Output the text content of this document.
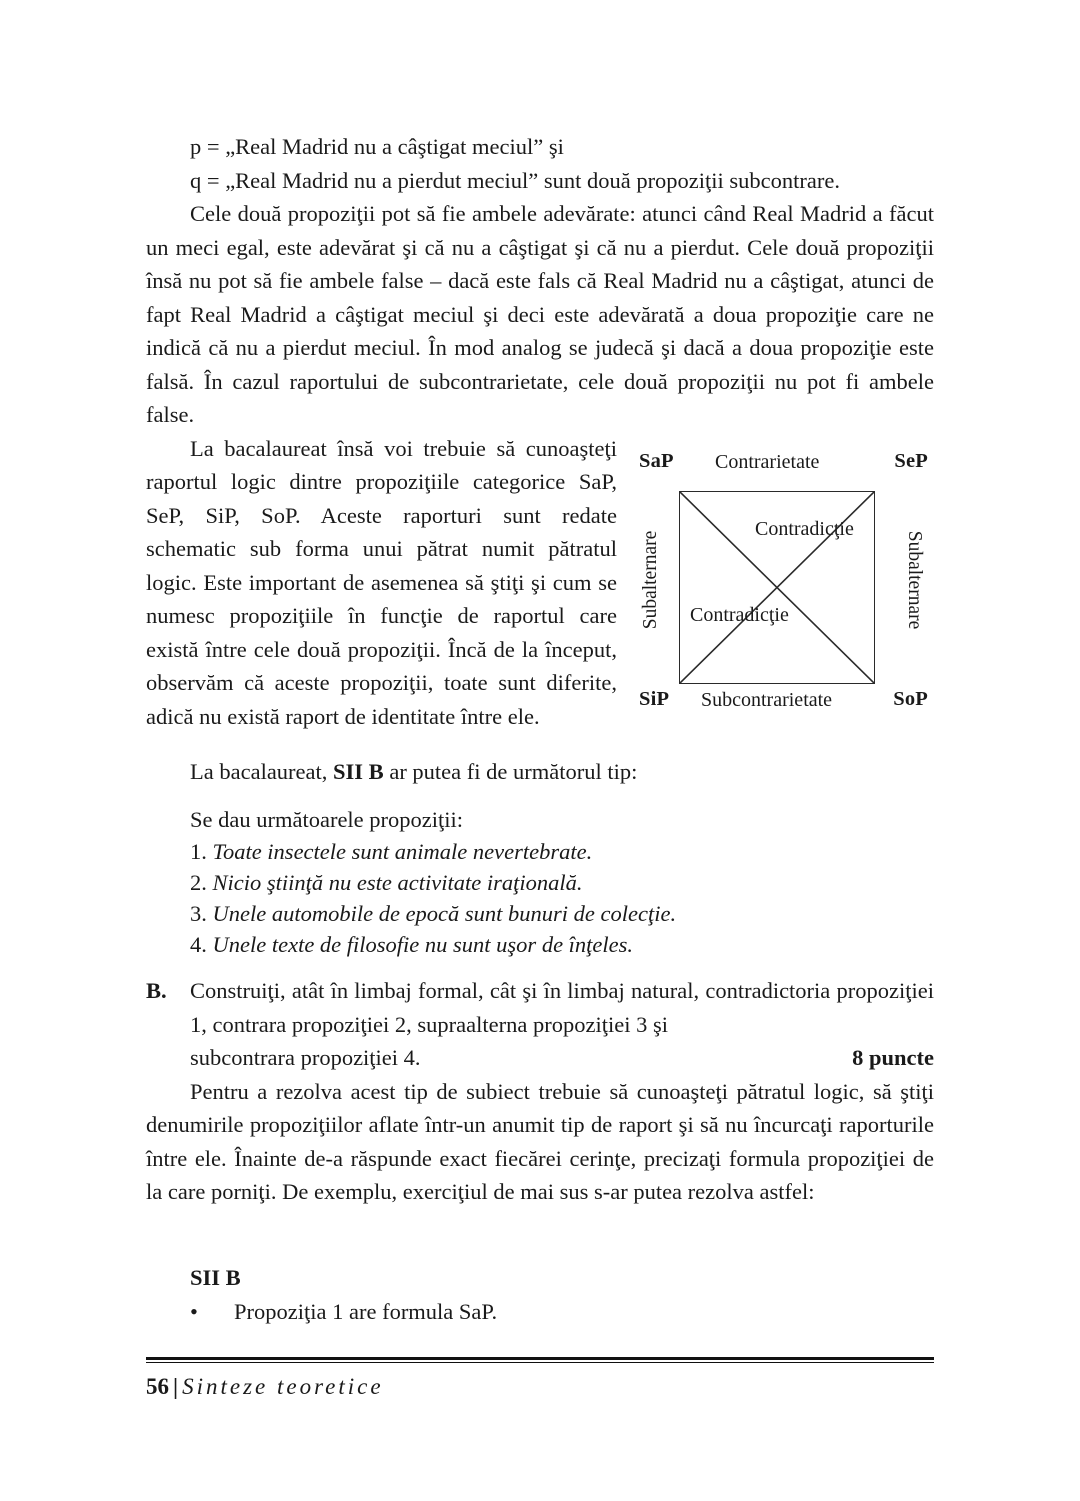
p = „Real Madrid nu a câştigat meciul” şi
q = „Real Madrid nu a pierdut meciul” sunt două propoziţii subcontrare.

Cele două propoziţii pot să fie ambele adevărate: atunci când Real Madrid a făcut un meci egal, este adevărat şi că nu a câştigat şi că nu a pierdut. Cele două propoziţii însă nu pot să fie ambele false – dacă este fals că Real Madrid nu a câştigat, atunci de fapt Real Madrid a câştigat meciul şi deci este adevărată a doua propoziţie care ne indică că nu a pierdut meciul. În mod analog se judecă şi dacă a doua propoziţie este falsă. În cazul raportului de subcontrarietate, cele două propoziţii nu pot fi ambele false.

SaP	SeP
SiP	SoP
Contrarietate
Subcontrarietate
Subalternare	Subalternare
Contradicţie
Contradicţie

La bacalaureat însă voi trebuie să cunoaşteţi raportul logic dintre propoziţiile categorice SaP, SeP, SiP, SoP. Aceste raporturi sunt redate schematic sub forma unui pătrat numit pătratul logic. Este important de asemenea să ştiţi şi cum se numesc propoziţiile în funcţie de raportul care există între cele două propoziţii. Încă de la început, observăm că aceste propoziţii, toate sunt diferite, adică nu există raport de identitate între ele.

La bacalaureat, SII B ar putea fi de următorul tip:

Se dau următoarele propoziţii:

1. Toate insectele sunt animale nevertebrate.
2. Nicio ştiinţă nu este activitate iraţională.
3. Unele automobile de epocă sunt bunuri de colecţie.
4. Unele texte de filosofie nu sunt uşor de înţeles.
B.	Construiţi, atât în limbaj formal, cât şi în limbaj natural, contradictoria propoziţiei 1, contrara propoziţiei 2, supraalterna propoziţiei 3 şi

subcontrara propoziţiei 4.	8 puncte

Pentru a rezolva acest tip de subiect trebuie să cunoaşteţi pătratul logic, să ştiţi denumirile propoziţiilor aflate într-un anumit tip de raport şi să nu încurcaţi raporturile între ele. Înainte de-a răspunde exact fiecărei cerinţe, precizaţi formula propoziţiei de la care porniţi. De exemplu, exerciţiul de mai sus s-ar putea rezolva astfel:

SII B

•	Propoziţia 1 are formula SaP.
56 | Sinteze teoretice
